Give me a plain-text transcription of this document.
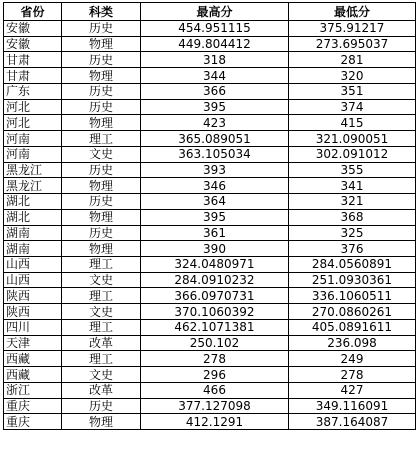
省份	科类	最高分	最低分
安徽	历史	454.951115	375.91217
安徽	物理	449.804412	273.695037
甘肃	历史	318	281
甘肃	物理	344	320
广东	历史	366	351
河北	历史	395	374
河北	物理	423	415
河南	理工	365.089051	321.090051
河南	文史	363.105034	302.091012
黑龙江	历史	393	355
黑龙江	物理	346	341
湖北	历史	364	321
湖北	物理	395	368
湖南	历史	361	325
湖南	物理	390	376
山西	理工	324.0480971	284.0560891
山西	文史	284.0910232	251.0930361
陕西	理工	366.0970731	336.1060511
陕西	文史	370.1060392	270.0860261
四川	理工	462.1071381	405.0891611
天津	改革	250.102	236.098
西藏	理工	278	249
西藏	文史	296	278
浙江	改革	466	427
重庆	历史	377.127098	349.116091
重庆	物理	412.1291	387.164087
